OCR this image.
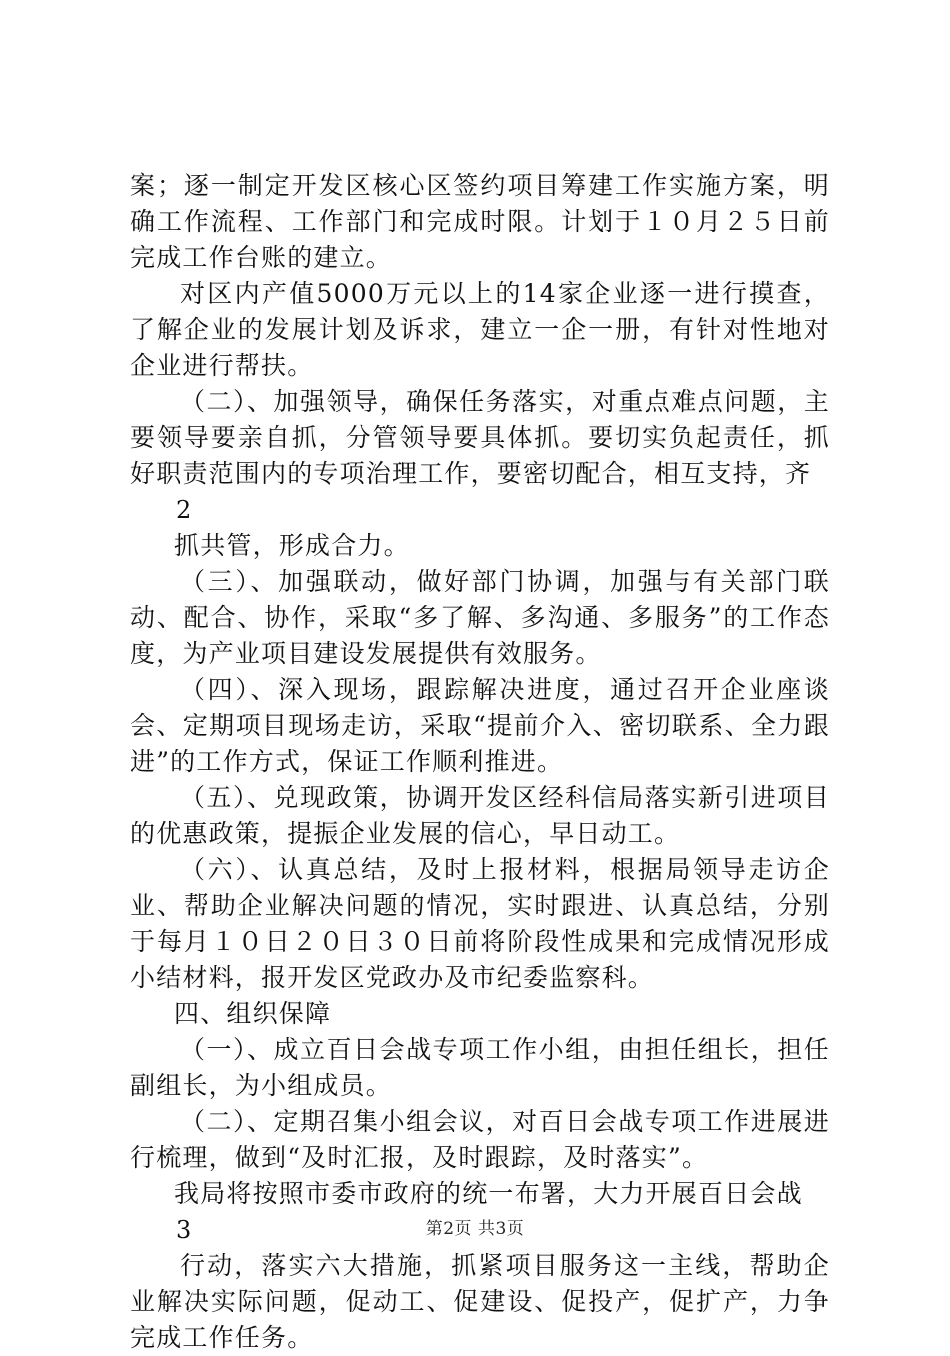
案；逐一制定开发区核心区签约项目筹建工作实施方案，明确工作流程、工作部门和完成时限。计划于１０月２５日前完成工作台账的建立。

对区内产值5000万元以上的14家企业逐一进行摸查，了解企业的发展计划及诉求，建立一企一册，有针对性地对企业进行帮扶。

（二）、加强领导，确保任务落实，对重点难点问题，主要领导要亲自抓，分管领导要具体抓。要切实负起责任，抓好职责范围内的专项治理工作，要密切配合，相互支持，齐

2

抓共管，形成合力。

（三）、加强联动，做好部门协调，加强与有关部门联动、配合、协作，采取“多了解、多沟通、多服务”的工作态度，为产业项目建设发展提供有效服务。

（四）、深入现场，跟踪解决进度，通过召开企业座谈会、定期项目现场走访，采取“提前介入、密切联系、全力跟进”的工作方式，保证工作顺利推进。

（五）、兑现政策，协调开发区经科信局落实新引进项目的优惠政策，提振企业发展的信心，早日动工。

（六）、认真总结，及时上报材料，根据局领导走访企业、帮助企业解决问题的情况，实时跟进、认真总结，分别于每月１０日２０日３０日前将阶段性成果和完成情况形成小结材料，报开发区党政办及市纪委监察科。

四、组织保障

（一）、成立百日会战专项工作小组，由担任组长，担任副组长，为小组成员。

（二）、定期召集小组会议，对百日会战专项工作进展进行梳理，做到“及时汇报，及时跟踪，及时落实”。

我局将按照市委市政府的统一布署，大力开展百日会战

3

行动，落实六大措施，抓紧项目服务这一主线，帮助企业解决实际问题，促动工、促建设、促投产，促扩产，力争完成工作任务。

第2页 共3页
